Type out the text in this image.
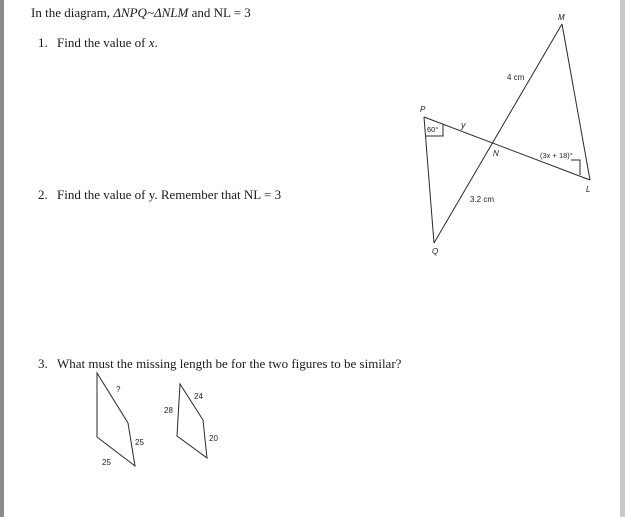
In the diagram, ΔNPQ~ΔNLM and NL = 3
1. Find the value of x.
2. Find the value of y. Remember that NL = 3
3. What must the missing length be for the two figures to be similar?
M
P
N
L
Q
4 cm
y
60°
(3x + 18)°
3.2 cm
?
25
25
24
28
20
